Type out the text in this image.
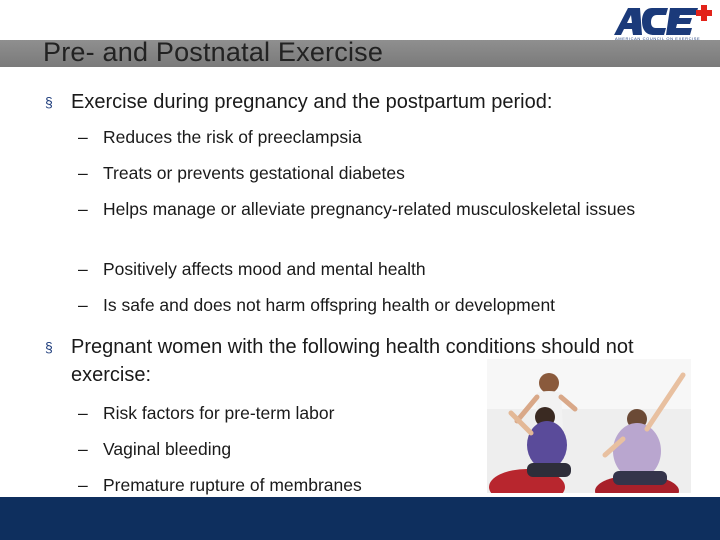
Pre- and Postnatal Exercise	AMERICAN COUNCIL ON EXERCISE
§ Exercise during pregnancy and the postpartum period:
– Reduces the risk of preeclampsia
– Treats or prevents gestational diabetes
– Helps manage or alleviate pregnancy-related musculoskeletal issues
– Positively affects mood and mental health
– Is safe and does not harm offspring health or development
§ Pregnant women with the following health conditions should not exercise:
– Risk factors for pre-term labor
– Vaginal bleeding
– Premature rupture of membranes
